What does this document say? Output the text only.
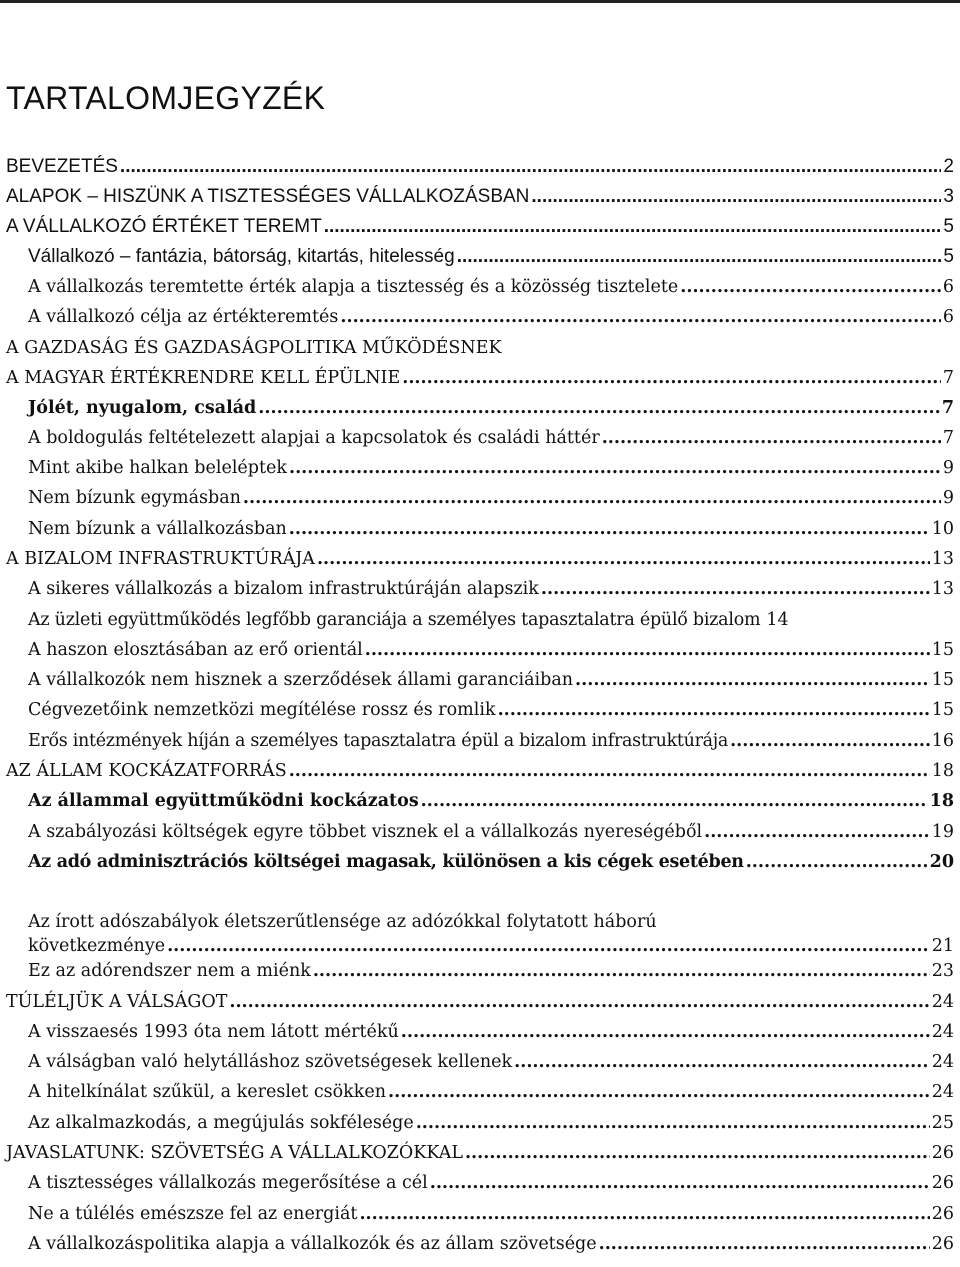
TARTALOMJEGYZÉK
BEVEZETÉS .....	2
ALAPOK – HISZÜNK A TISZTESSÉGES VÁLLALKOZÁSBAN .....	3
A VÁLLALKOZÓ ÉRTÉKET TEREMT .....	5
Vállalkozó – fantázia, bátorság, kitartás, hitelesség .....	5
A vállalkozás teremtette érték alapja a tisztesség és a közösség tisztelete .....	6
A vállalkozó célja az értékteremtés .....	6
A GAZDASÁG ÉS GAZDASÁGPOLITIKA MŰKÖDÉSNEK
A MAGYAR ÉRTÉKRENDRE KELL ÉPÜLNIE .....	7
Jólét, nyugalom, család .....	7
A boldogulás feltételezett alapjai a kapcsolatok és családi háttér .....	7
Mint akibe halkan beleléptek .....	9
Nem bízunk egymásban .....	9
Nem bízunk a vállalkozásban .....	10
A BIZALOM INFRASTRUKTÚRÁJA .....	13
A sikeres vállalkozás a bizalom infrastruktúráján alapszik .....	13
Az üzleti együttműködés legfőbb garanciája a személyes tapasztalatra épülő bizalom 14
A haszon elosztásában az erő orientál .....	15
A vállalkozók nem hisznek a szerződések állami garanciáiban .....	15
Cégvezetőink nemzetközi megítélése rossz és romlik .....	15
Erős intézmények híján a személyes tapasztalatra épül a bizalom infrastruktúrája .....	16
AZ ÁLLAM KOCKÁZATFORRÁS .....	18
Az állammal együttműködni kockázatos .....	18
A szabályozási költségek egyre többet visznek el a vállalkozás nyereségéből .....	19
Az adó adminisztrációs költségei magasak, különösen a kis cégek esetében .....	20
Az írott adószabályok életszerűtlensége az adózókkal folytatott háború
következménye .....	21
Ez az adórendszer nem a miénk .....	23
TÚLÉLJÜK A VÁLSÁGOT .....	24
A visszaesés 1993 óta nem látott mértékű .....	24
A válságban való helytálláshoz szövetségesek kellenek .....	24
A hitelkínálat szűkül, a kereslet csökken .....	24
Az alkalmazkodás, a megújulás sokfélesége .....	25
JAVASLATUNK: SZÖVETSÉG A VÁLLALKOZÓKKAL .....	26
A tisztességes vállalkozás megerősítése a cél .....	26
Ne a túlélés emészsze fel az energiát .....	26
A vállalkozáspolitika alapja a vállalkozók és az állam szövetsége .....	26
